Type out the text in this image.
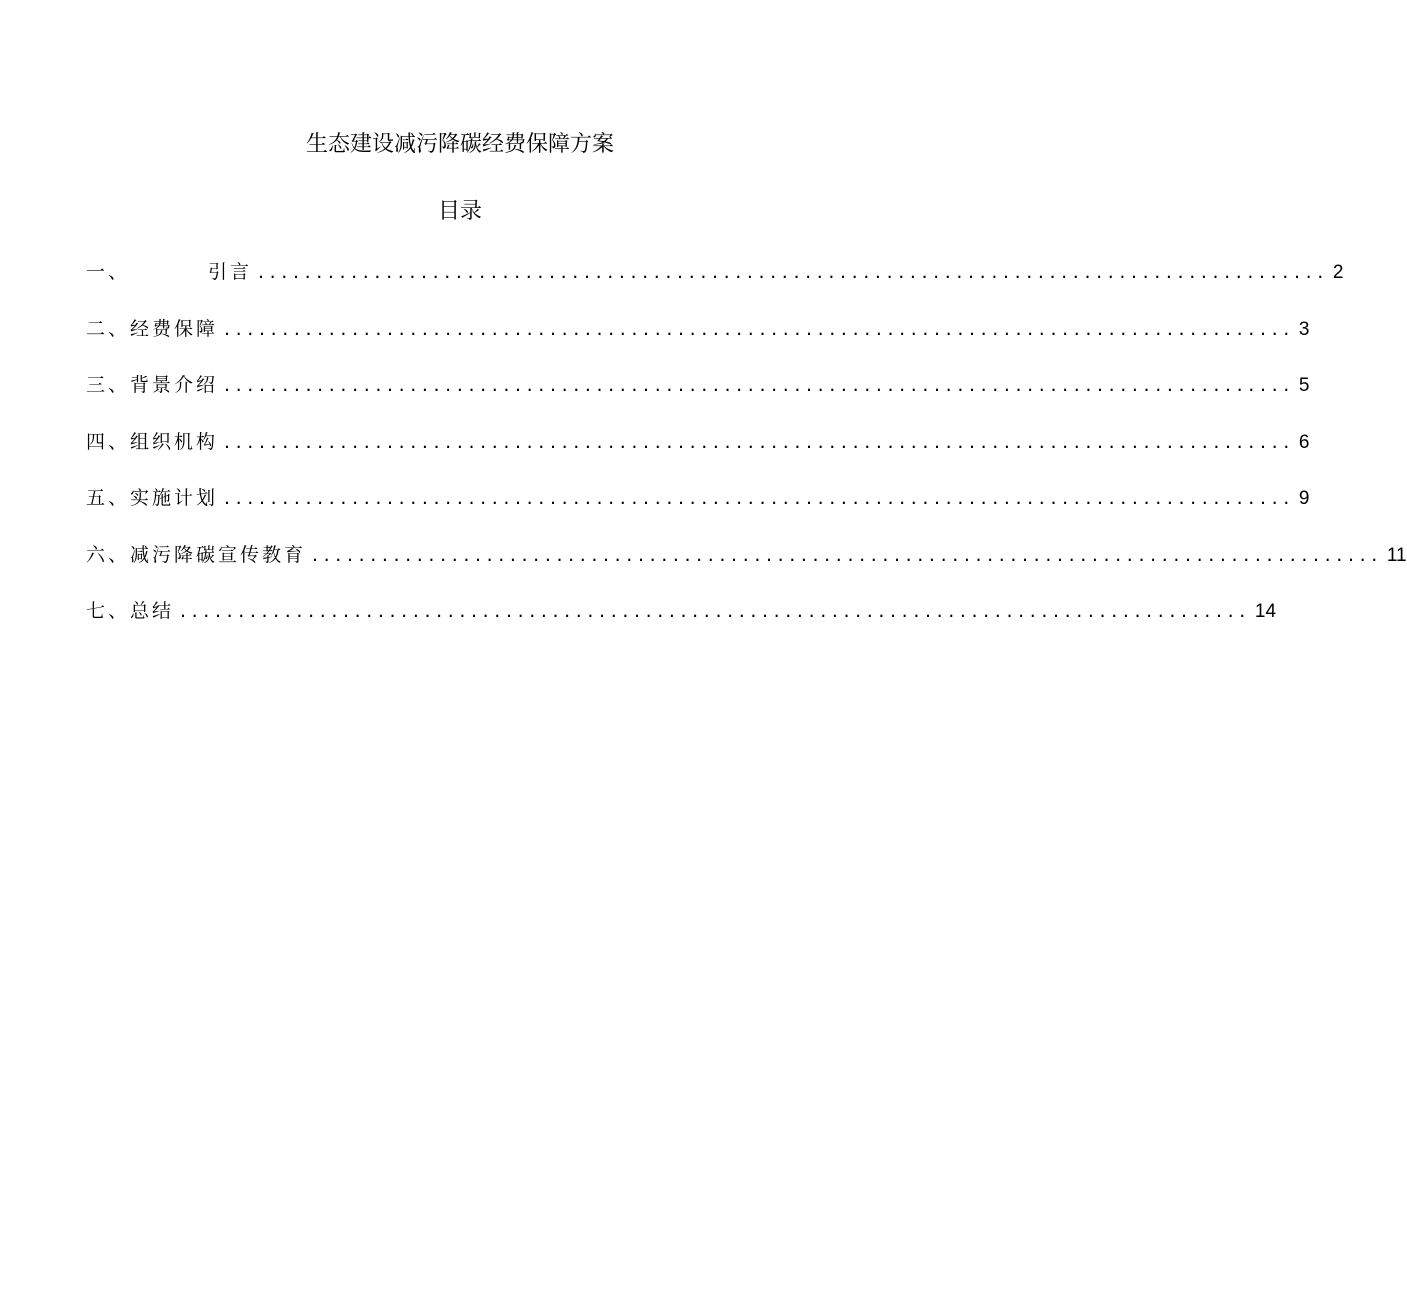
生态建设减污降碳经费保障方案
目录
一、	引言 ............................................................................................ 2
二、 经费保障 ............................................................................................ 3
三、 背景介绍 ............................................................................................ 5
四、 组织机构 ............................................................................................ 6
五、 实施计划 ............................................................................................ 9
六、 减污降碳宣传教育 ............................................................................................ 11
七、 总结 ............................................................................................ 14
